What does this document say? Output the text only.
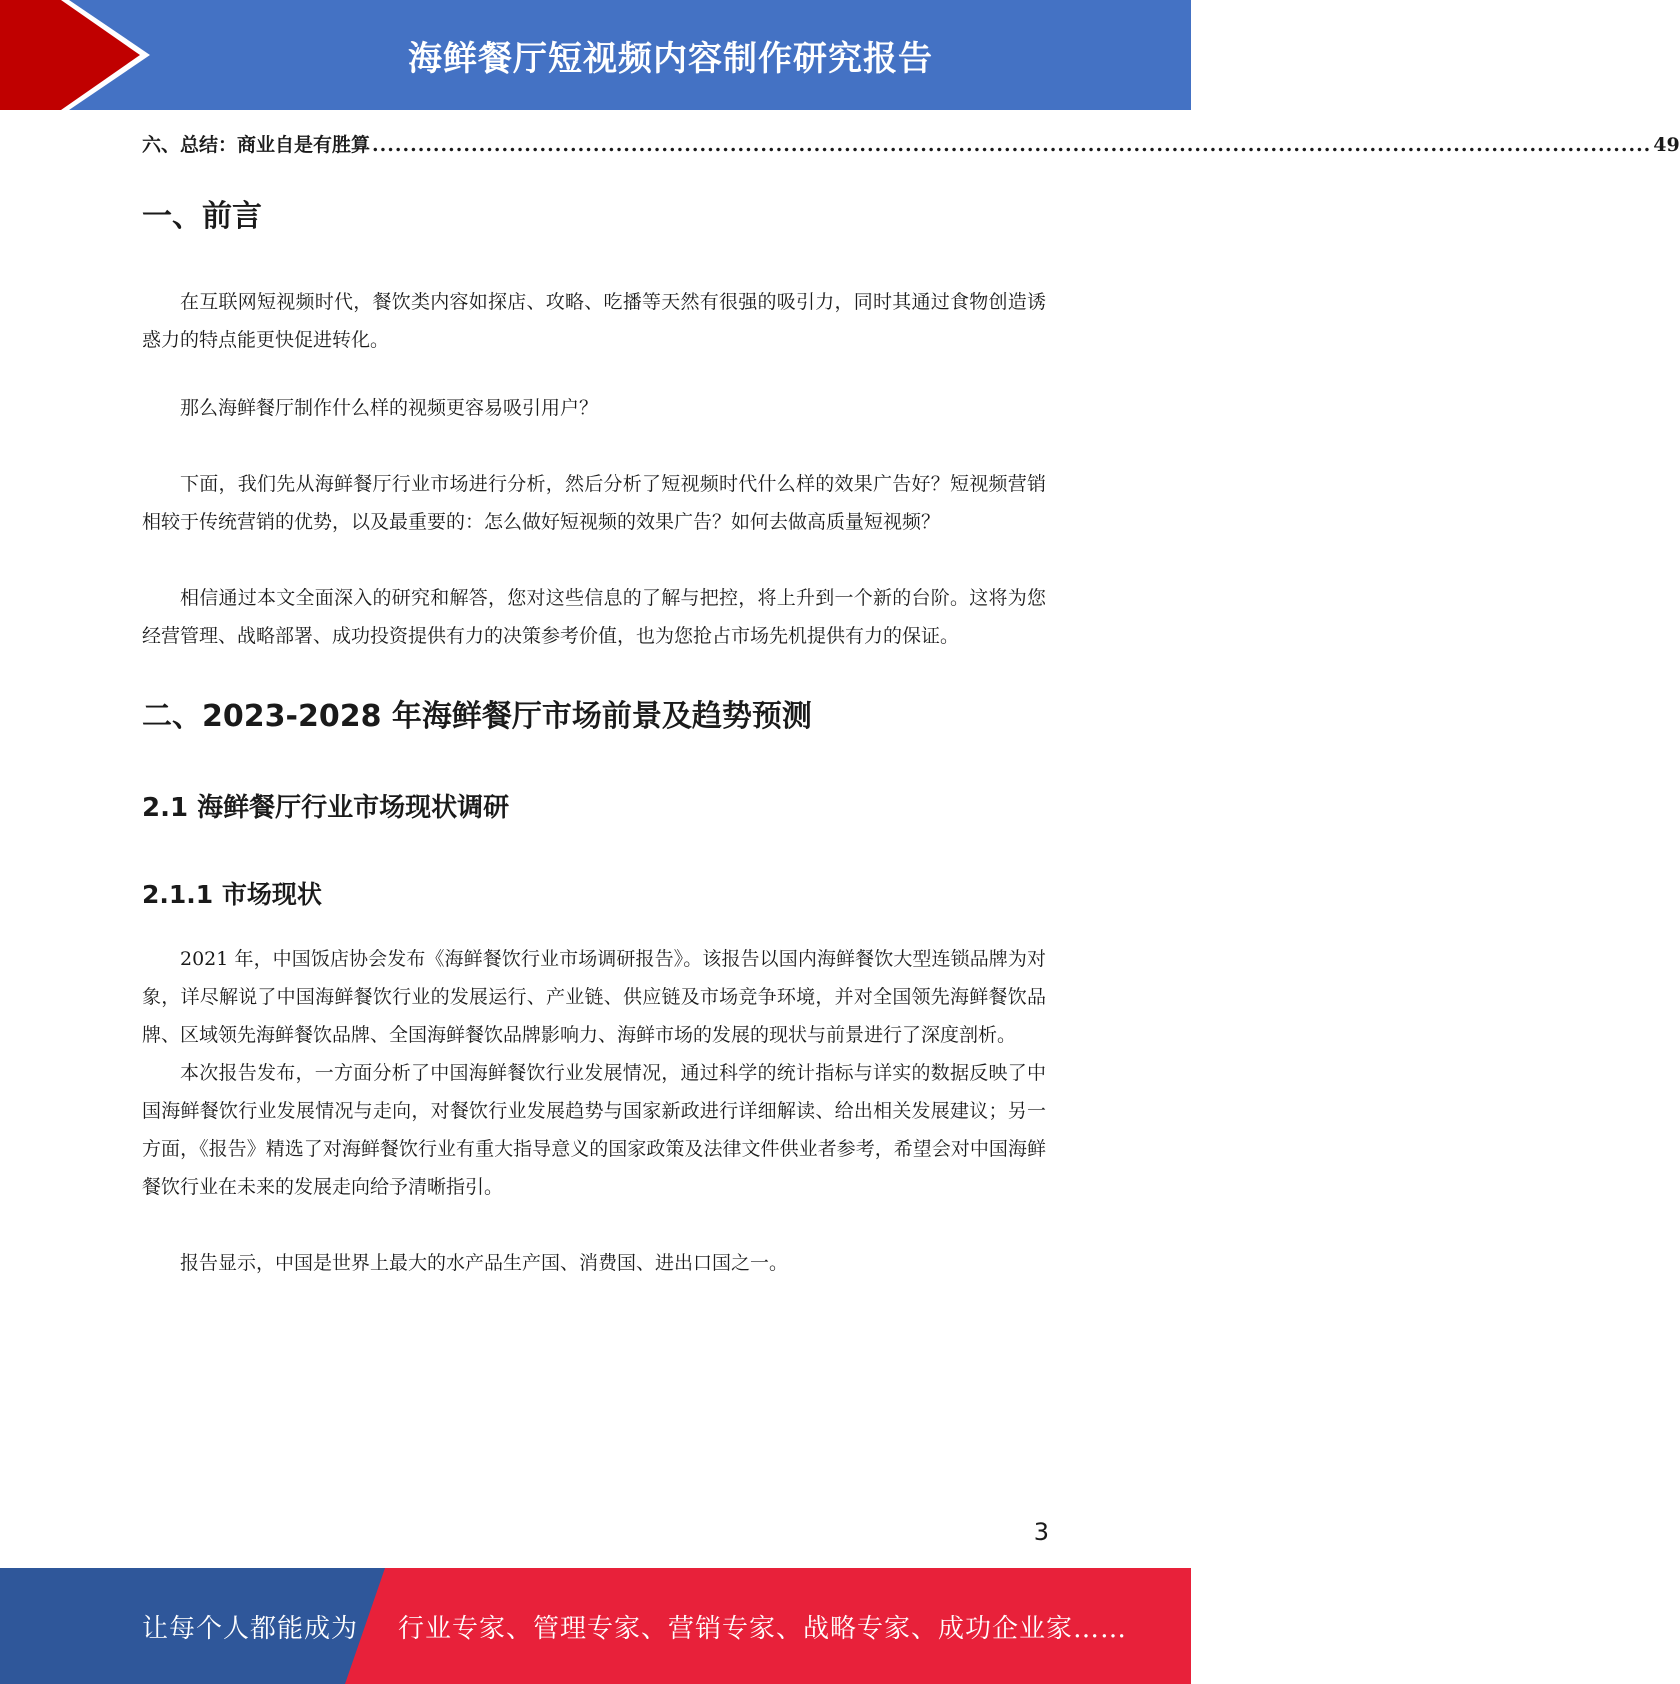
海鲜餐厅短视频内容制作研究报告
六、总结：商业自是有胜算 ........................................................................................................................................................................ 49
一、前言

在互联网短视频时代，餐饮类内容如探店、攻略、吃播等天然有很强的吸引力，同时其通过食物创造诱惑力的特点能更快促进转化。

那么海鲜餐厅制作什么样的视频更容易吸引用户？

下面，我们先从海鲜餐厅行业市场进行分析，然后分析了短视频时代什么样的效果广告好？短视频营销相较于传统营销的优势，以及最重要的：怎么做好短视频的效果广告？如何去做高质量短视频？

相信通过本文全面深入的研究和解答，您对这些信息的了解与把控，将上升到一个新的台阶。这将为您经营管理、战略部署、成功投资提供有力的决策参考价值，也为您抢占市场先机提供有力的保证。

二、2023-2028 年海鲜餐厅市场前景及趋势预测
2.1 海鲜餐厅行业市场现状调研
2.1.1 市场现状

2021 年，中国饭店协会发布《海鲜餐饮行业市场调研报告》。该报告以国内海鲜餐饮大型连锁品牌为对象，详尽解说了中国海鲜餐饮行业的发展运行、产业链、供应链及市场竞争环境，并对全国领先海鲜餐饮品牌、区域领先海鲜餐饮品牌、全国海鲜餐饮品牌影响力、海鲜市场的发展的现状与前景进行了深度剖析。

本次报告发布，一方面分析了中国海鲜餐饮行业发展情况，通过科学的统计指标与详实的数据反映了中国海鲜餐饮行业发展情况与走向，对餐饮行业发展趋势与国家新政进行详细解读、给出相关发展建议；另一方面，《报告》精选了对海鲜餐饮行业有重大指导意义的国家政策及法律文件供业者参考，希望会对中国海鲜餐饮行业在未来的发展走向给予清晰指引。

报告显示，中国是世界上最大的水产品生产国、消费国、进出口国之一。

3
让每个人都能成为 行业专家、管理专家、营销专家、战略专家、成功企业家……
